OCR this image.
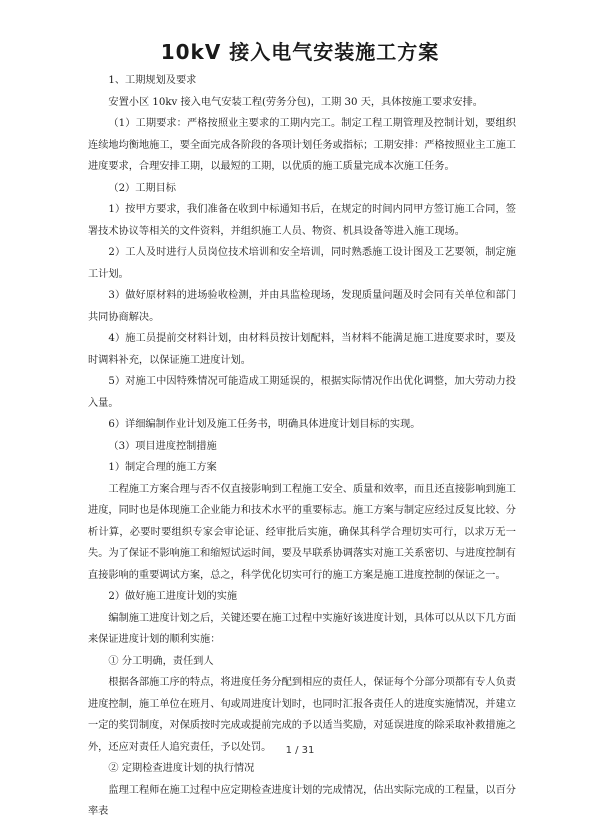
10kV 接入电气安装施工方案

1、工期规划及要求

安置小区 10kv 接入电气安装工程(劳务分包)，工期 30 天，具体按施工要求安排。

（1）工期要求：严格按照业主要求的工期内完工。制定工程工期管理及控制计划，要组织连续地均衡地施工，要全面完成各阶段的各项计划任务或指标；工期安排：严格按照业主工施工进度要求，合理安排工期，以最短的工期，以优质的施工质量完成本次施工任务。

（2）工期目标

1）按甲方要求，我们准备在收到中标通知书后，在规定的时间内同甲方签订施工合同，签署技术协议等相关的文件资料，并组织施工人员、物资、机具设备等进入施工现场。

2）工人及时进行人员岗位技术培训和安全培训，同时熟悉施工设计图及工艺要领，制定施工计划。

3）做好原材料的进场验收检测，并由具监检现场，发现质量问题及时会同有关单位和部门共同协商解决。

4）施工员提前交材料计划，由材料员按计划配料，当材料不能满足施工进度要求时，要及时调料补充，以保证施工进度计划。

5）对施工中因特殊情况可能造成工期延误的，根据实际情况作出优化调整，加大劳动力投入量。

6）详细编制作业计划及施工任务书，明确具体进度计划目标的实现。

（3）项目进度控制措施

1）制定合理的施工方案

工程施工方案合理与否不仅直接影响到工程施工安全、质量和效率，而且还直接影响到施工进度，同时也是体现施工企业能力和技术水平的重要标志。施工方案与制定应经过反复比较、分析计算，必要时要组织专家会审论证、经审批后实施，确保其科学合理切实可行，以求万无一失。为了保证不影响施工和缩短试运时间，要及早联系协调落实对施工关系密切、与进度控制有直接影响的重要调试方案，总之，科学优化切实可行的施工方案是施工进度控制的保证之一。

2）做好施工进度计划的实施

编制施工进度计划之后，关键还要在施工过程中实施好该进度计划，具体可以从以下几方面来保证进度计划的顺利实施：

① 分工明确，责任到人

根据各部施工序的特点，将进度任务分配到相应的责任人，保证每个分部分项都有专人负责进度控制，施工单位在班月、旬或周进度计划时，也同时汇报各责任人的进度实施情况，并建立一定的奖罚制度，对保质按时完成或提前完成的予以适当奖励，对延误进度的除采取补救措施之外，还应对责任人追究责任，予以处罚。

② 定期检查进度计划的执行情况

监理工程师在施工过程中应定期检查进度计划的完成情况，估出实际完成的工程量，以百分率表

1 / 31
